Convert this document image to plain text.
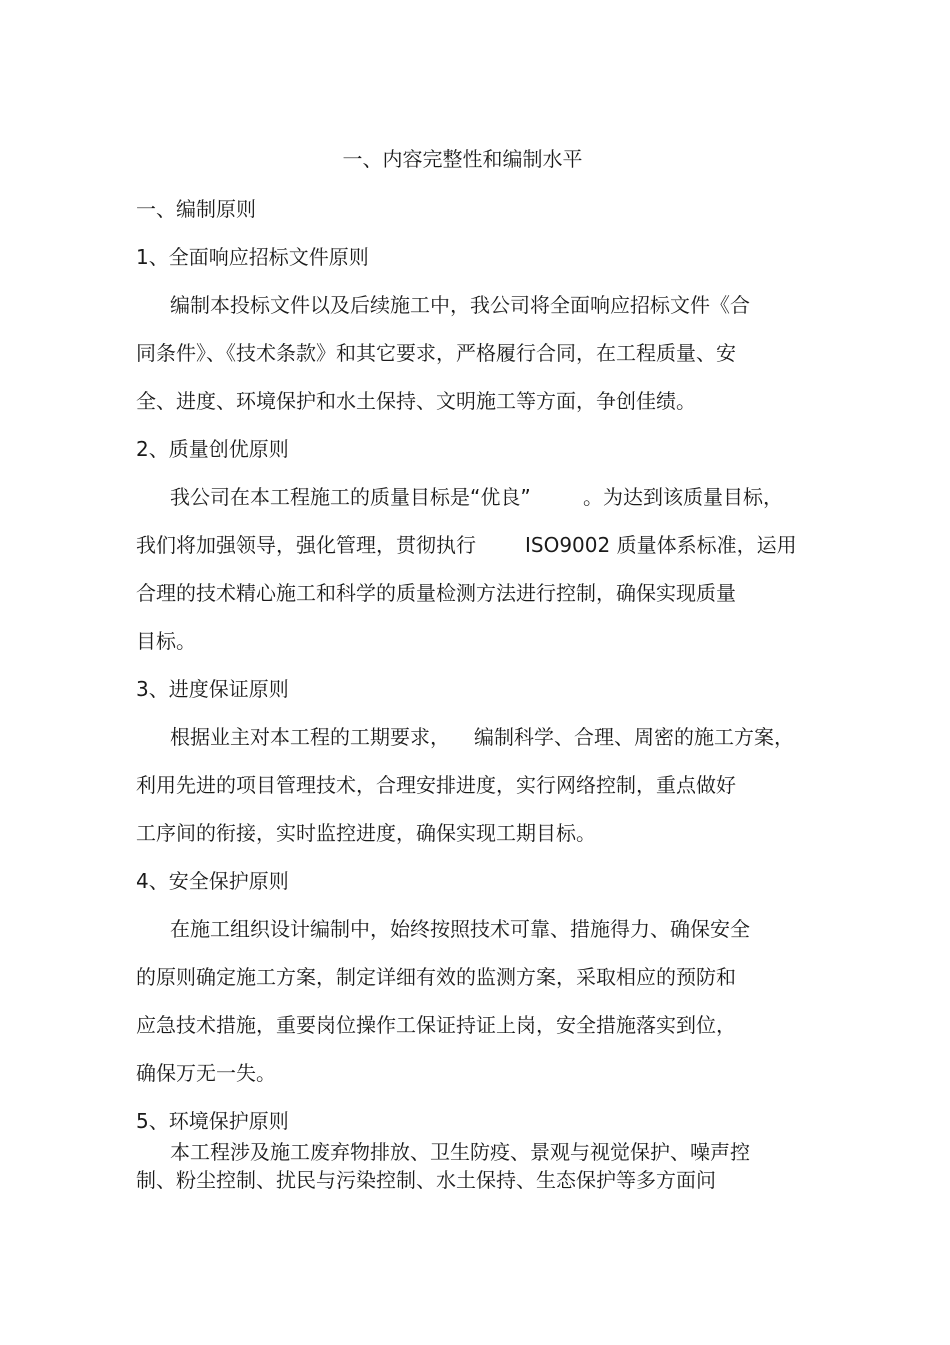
一、内容完整性和编制水平
一、编制原则
1、全面响应招标文件原则
编制本投标文件以及后续施工中，我公司将全面响应招标文件《合
同条件》、《技术条款》和其它要求，严格履行合同，在工程质量、安
全、进度、环境保护和水土保持、文明施工等方面，争创佳绩。
2、质量创优原则
我公司在本工程施工的质量目标是“优良”	。为达到该质量目标，
我们将加强领导，强化管理，贯彻执行 ISO9002 质量体系标准，运用
合理的技术精心施工和科学的质量检测方法进行控制，确保实现质量
目标。
3、进度保证原则
根据业主对本工程的工期要求， 编制科学、合理、周密的施工方案，
利用先进的项目管理技术，合理安排进度，实行网络控制，重点做好
工序间的衔接，实时监控进度，确保实现工期目标。
4、安全保护原则
在施工组织设计编制中，始终按照技术可靠、措施得力、确保安全
的原则确定施工方案，制定详细有效的监测方案，采取相应的预防和
应急技术措施，重要岗位操作工保证持证上岗，安全措施落实到位，
确保万无一失。
5、环境保护原则
本工程涉及施工废弃物排放、卫生防疫、景观与视觉保护、噪声控
制、粉尘控制、扰民与污染控制、水土保持、生态保护等多方面问
